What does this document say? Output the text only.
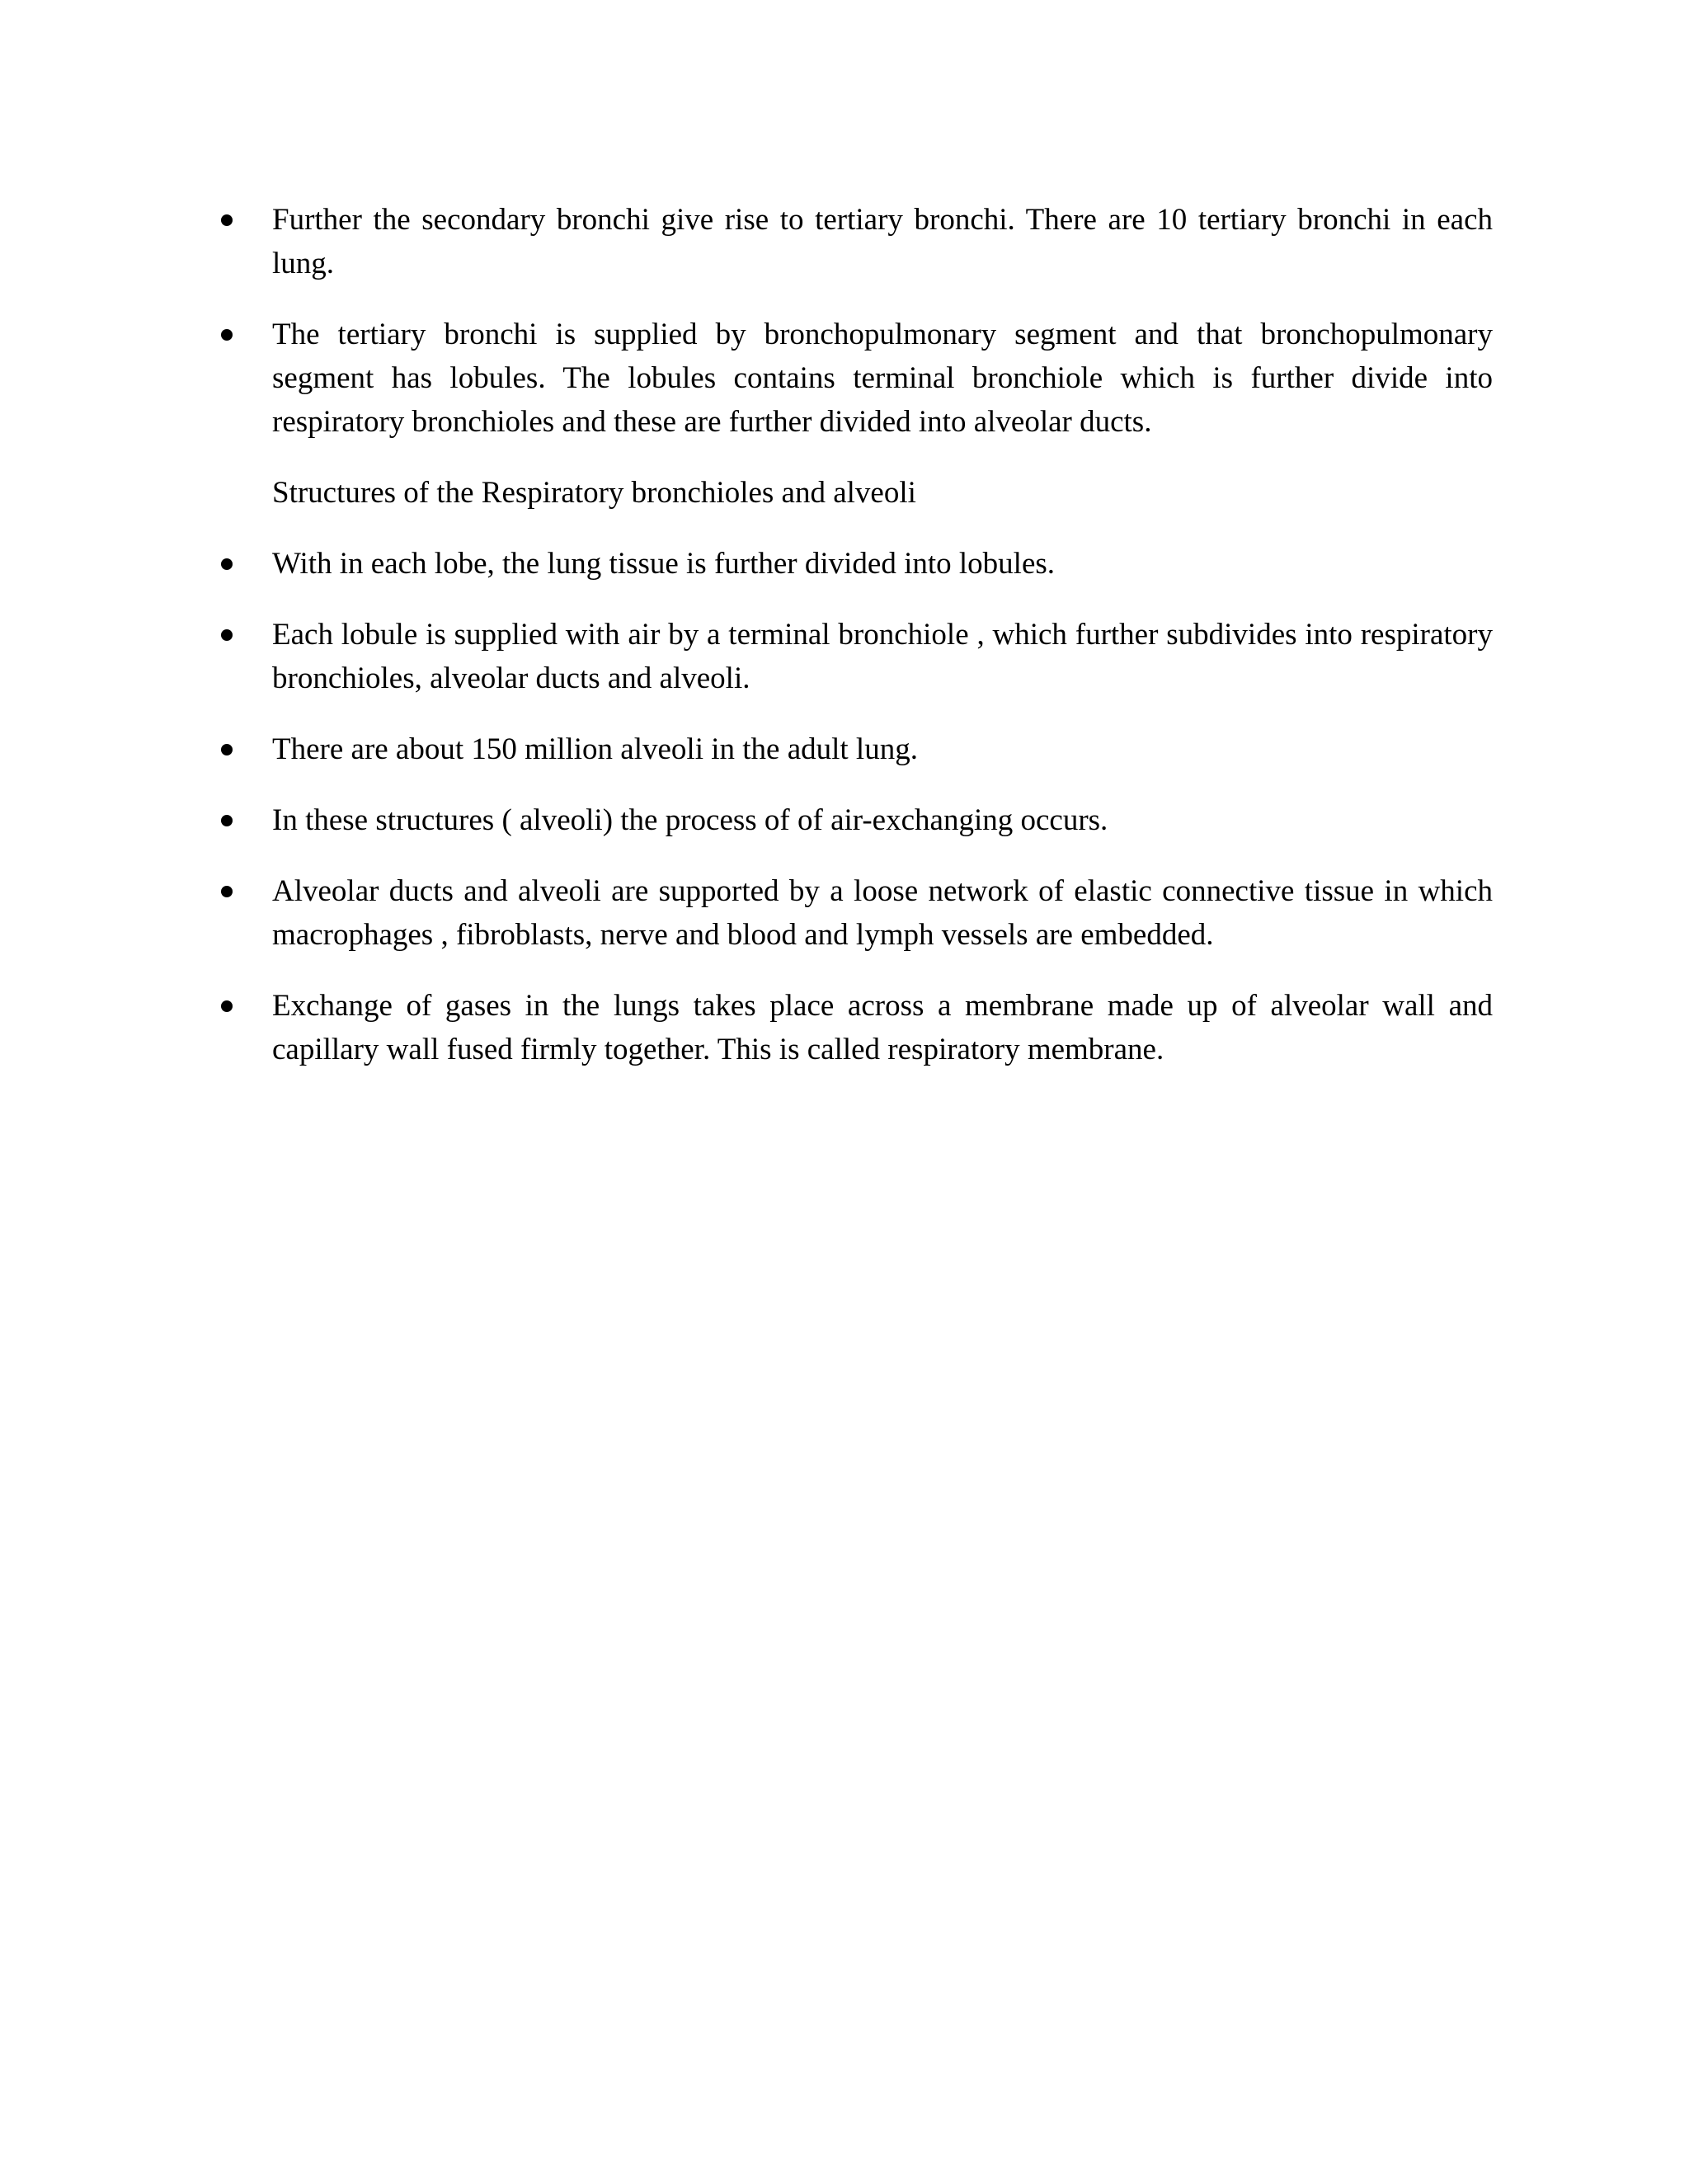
Further the secondary bronchi give rise to tertiary bronchi. There are 10 tertiary bronchi in each lung.
The tertiary bronchi is supplied by bronchopulmonary segment and that bronchopulmonary segment has lobules. The lobules contains terminal bronchiole which is further divide into respiratory bronchioles and these are further divided into alveolar ducts.
Structures of the Respiratory bronchioles and alveoli
With in each lobe, the lung tissue is further divided into lobules.
Each lobule is supplied with air by a terminal bronchiole , which further subdivides into respiratory bronchioles, alveolar ducts and alveoli.
There are about 150 million alveoli in the adult lung.
In these structures ( alveoli) the process of of air-exchanging occurs.
Alveolar ducts and alveoli are supported by a loose network of elastic connective tissue in which macrophages , fibroblasts, nerve and blood and lymph vessels are embedded.
Exchange of gases in the lungs takes place across a membrane made up of alveolar wall and capillary wall fused firmly together. This is called respiratory membrane.
